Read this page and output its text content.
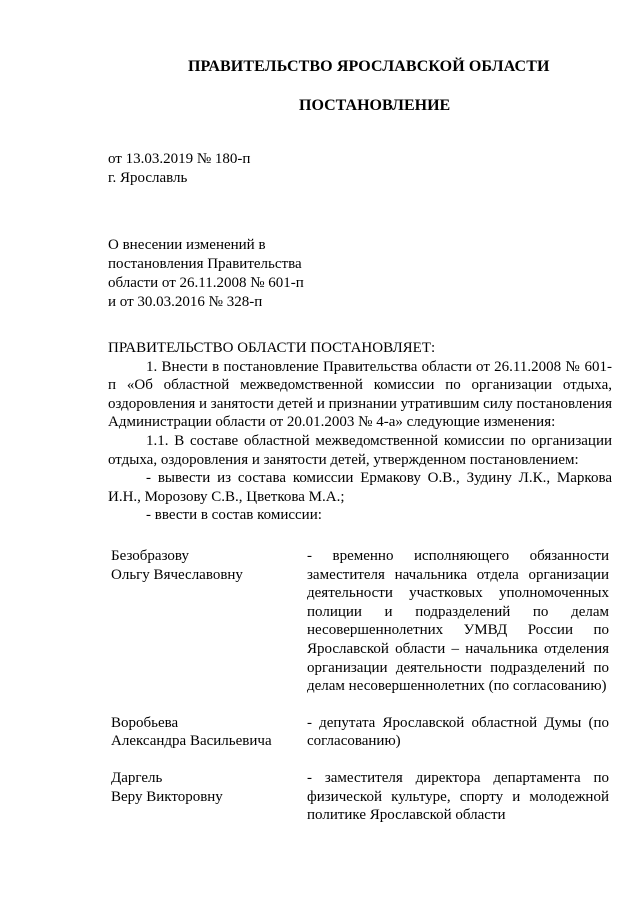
ПРАВИТЕЛЬСТВО ЯРОСЛАВСКОЙ ОБЛАСТИ
ПОСТАНОВЛЕНИЕ
от 13.03.2019 № 180-п
г. Ярославль
О внесении изменений в
постановления Правительства
области от 26.11.2008 № 601-п
и от 30.03.2016 № 328-п

ПРАВИТЕЛЬСТВО ОБЛАСТИ ПОСТАНОВЛЯЕТ:

1. Внести в постановление Правительства области от 26.11.2008 № 601-п «Об областной межведомственной комиссии по организации отдыха, оздоровления и занятости детей и признании утратившим силу постановления Администрации области от 20.01.2003 № 4-а» следующие изменения:

1.1. В составе областной межведомственной комиссии по организации отдыха, оздоровления и занятости детей, утвержденном постановлением:

- вывести из состава комиссии Ермакову О.В., Зудину Л.К., Маркова И.Н., Морозову С.В., Цветкова М.А.;

- ввести в состав комиссии:

Безобразову
Ольгу Вячеславовну
- временно исполняющего обязанности заместителя начальника отдела организации деятельности участковых уполномоченных полиции и подразделений по делам несовершеннолетних УМВД России по Ярославской области – начальника отделения организации деятельности подразделений по делам несовершеннолетних (по согласованию)
Воробьева
Александра Васильевича
- депутата Ярославской областной Думы (по согласованию)
Даргель
Веру Викторовну
- заместителя директора департамента по физической культуре, спорту и молодежной политике Ярославской области
